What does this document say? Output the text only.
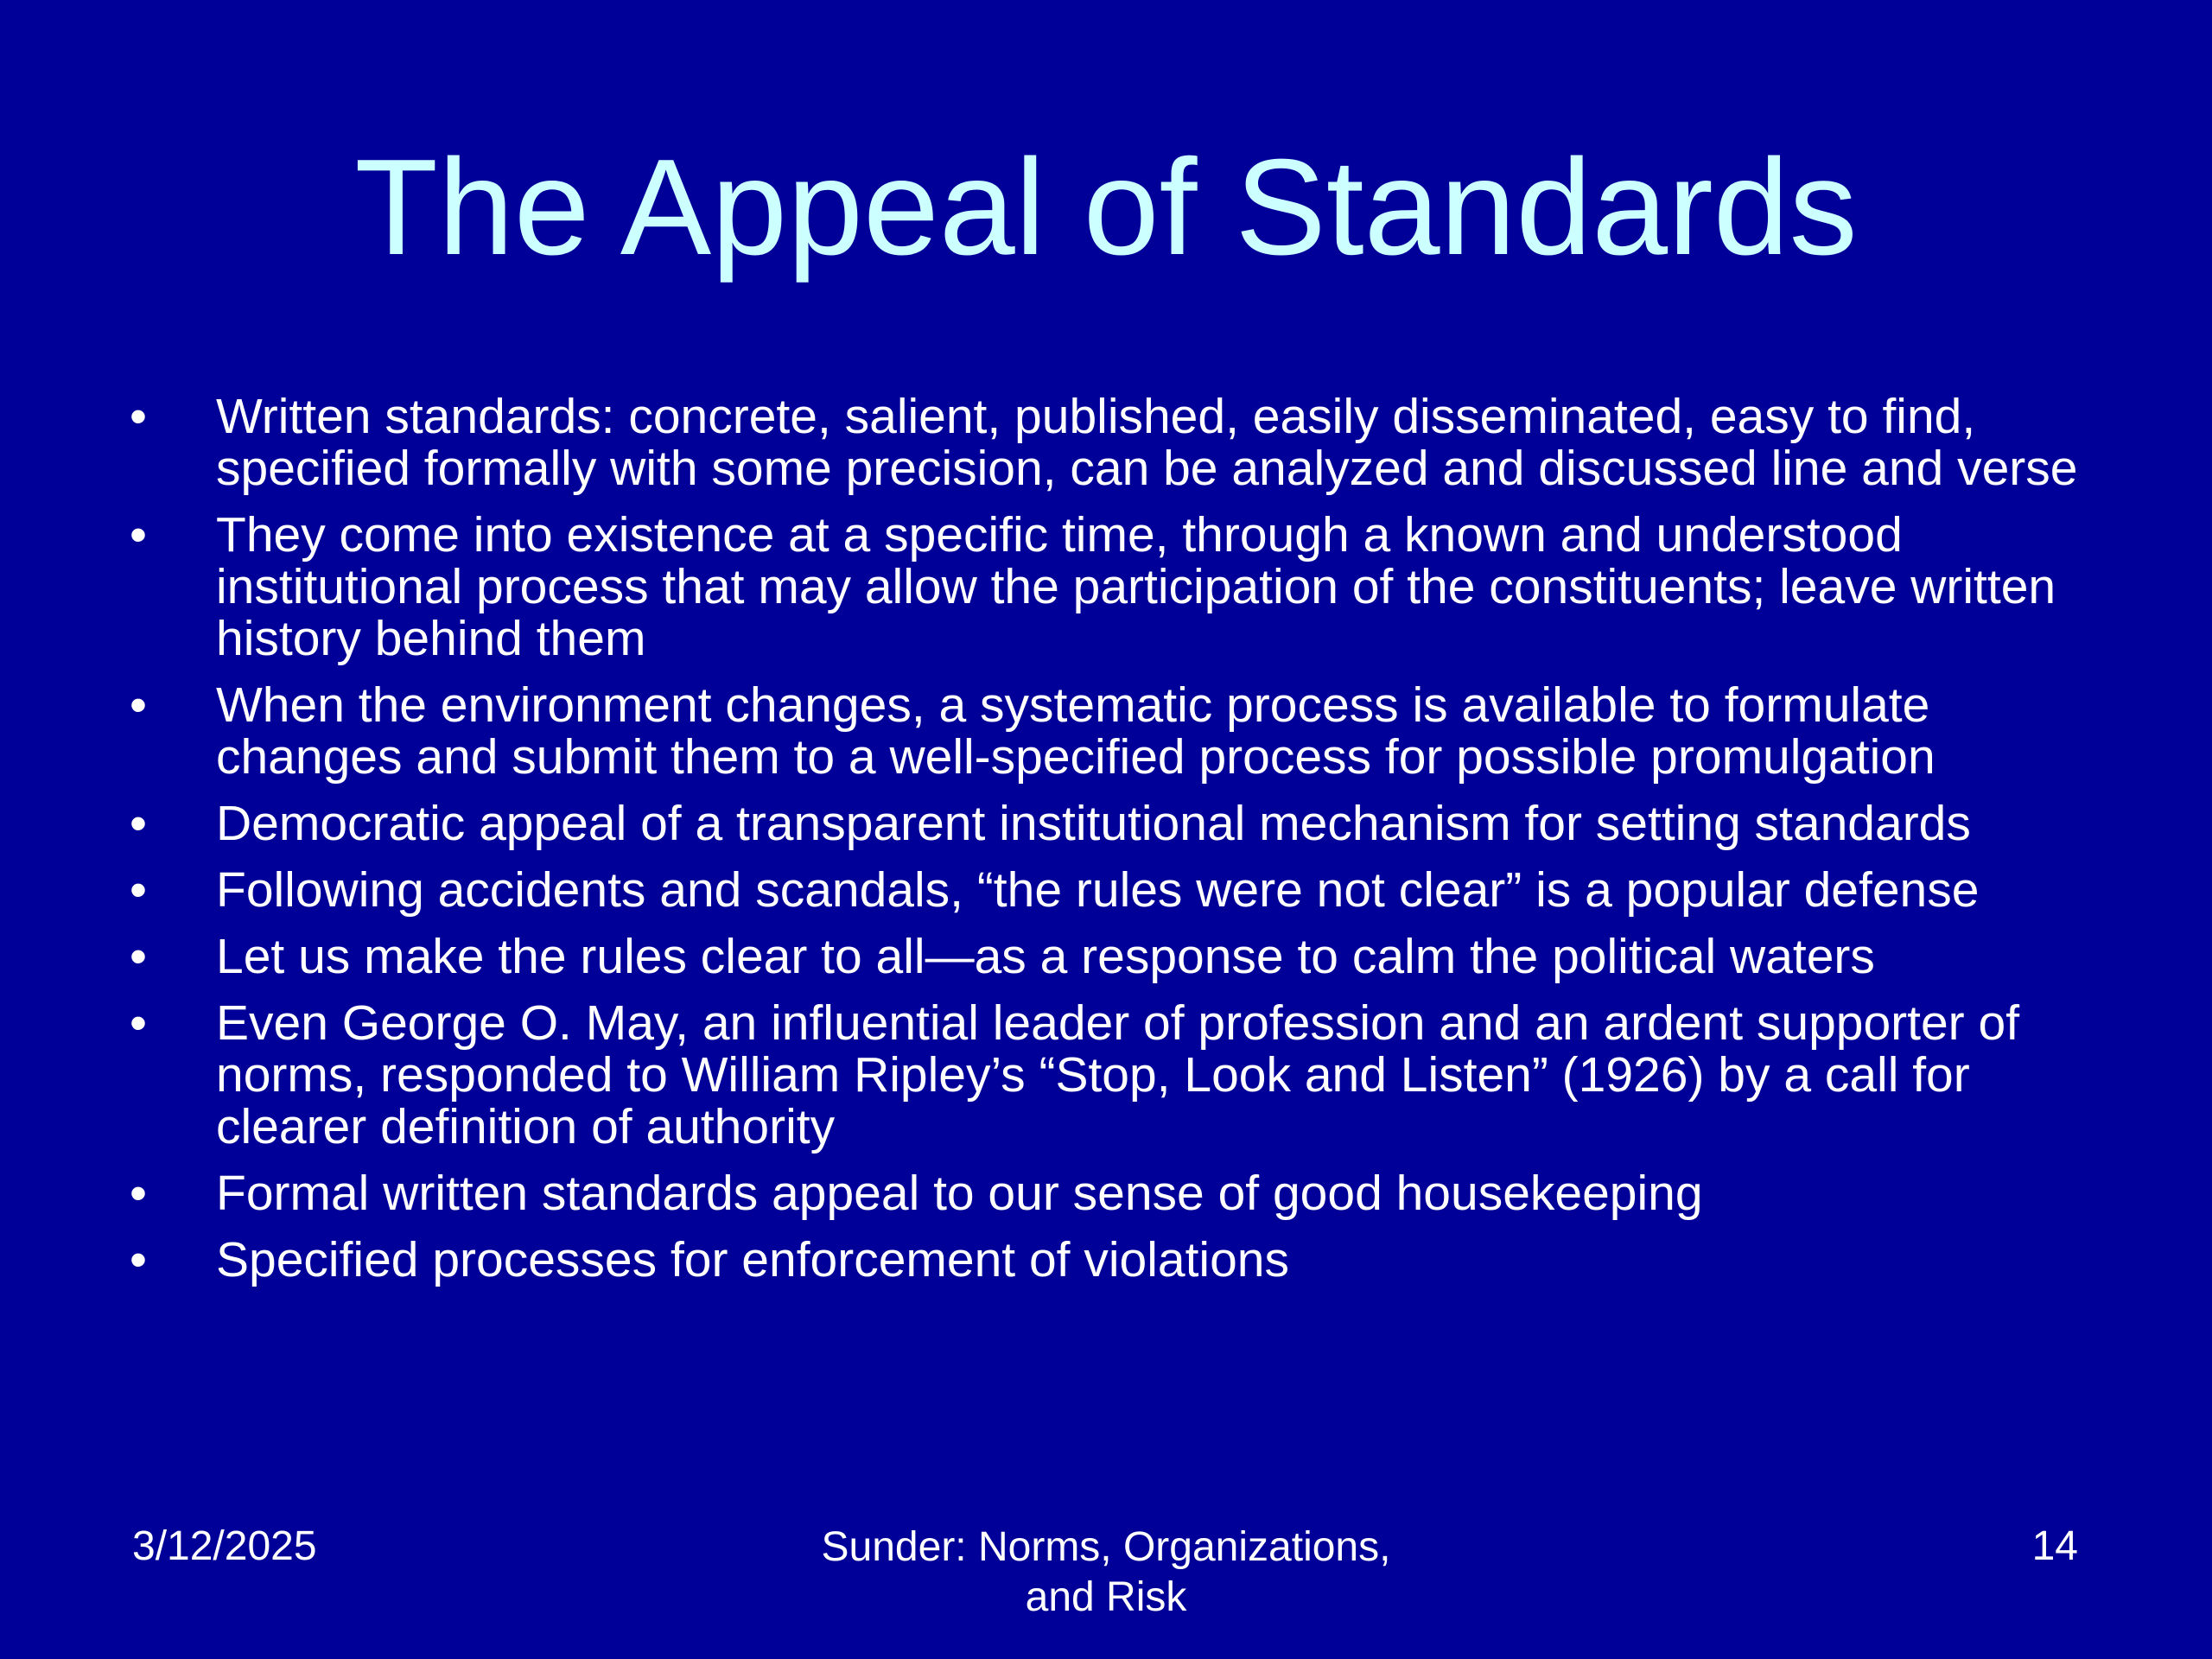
The Appeal of Standards
• Written standards: concrete, salient, published, easily disseminated, easy to find, specified formally with some precision, can be analyzed and discussed line and verse
• They come into existence at a specific time, through a known and understood institutional process that may allow the participation of the constituents; leave written history behind them
• When the environment changes, a systematic process is available to formulate changes and submit them to a well-specified process for possible promulgation
• Democratic appeal of a transparent institutional mechanism for setting standards
• Following accidents and scandals, “the rules were not clear” is a popular defense
• Let us make the rules clear to all—as a response to calm the political waters
• Even George O. May, an influential leader of profession and an ardent supporter of norms, responded to William Ripley’s “Stop, Look and Listen” (1926) by a call for clearer definition of authority
• Formal written standards appeal to our sense of good housekeeping
• Specified processes for enforcement of violations
3/12/2025	Sunder: Norms, Organizations,
and Risk
14
